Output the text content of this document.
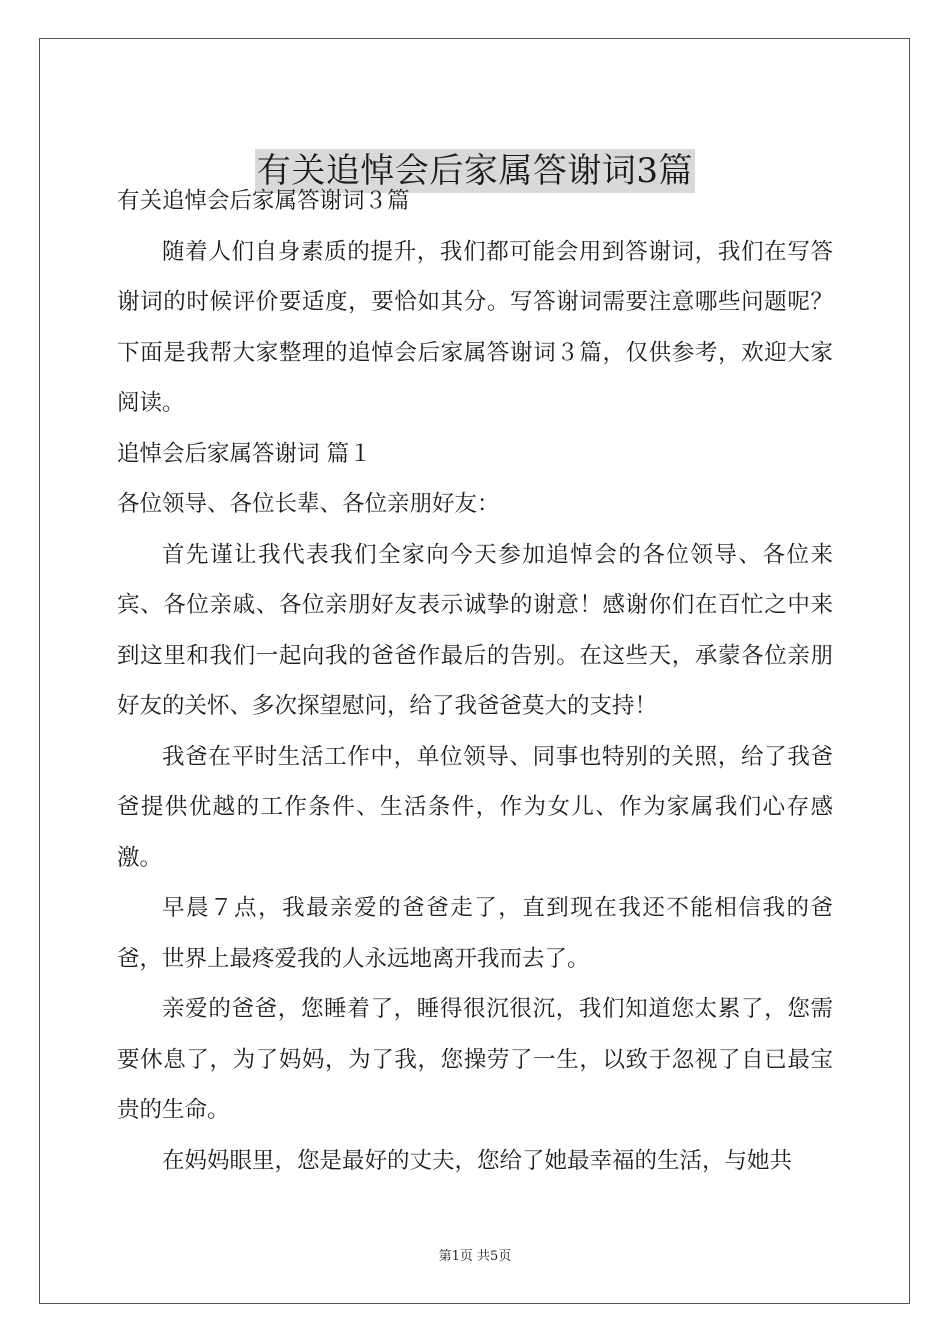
有关追悼会后家属答谢词3篇

有关追悼会后家属答谢词３篇

随着人们自身素质的提升，我们都可能会用到答谢词，我们在写答谢词的时候评价要适度，要恰如其分。写答谢词需要注意哪些问题呢？下面是我帮大家整理的追悼会后家属答谢词３篇，仅供参考，欢迎大家阅读。

追悼会后家属答谢词 篇１

各位领导、各位长辈、各位亲朋好友：

首先谨让我代表我们全家向今天参加追悼会的各位领导、各位来宾、各位亲戚、各位亲朋好友表示诚挚的谢意！感谢你们在百忙之中来到这里和我们一起向我的爸爸作最后的告别。在这些天，承蒙各位亲朋好友的关怀、多次探望慰问，给了我爸爸莫大的支持！

我爸在平时生活工作中，单位领导、同事也特别的关照，给了我爸爸提供优越的工作条件、生活条件，作为女儿、作为家属我们心存感激。

早晨７点，我最亲爱的爸爸走了，直到现在我还不能相信我的爸爸，世界上最疼爱我的人永远地离开我而去了。

亲爱的爸爸，您睡着了，睡得很沉很沉，我们知道您太累了，您需要休息了，为了妈妈，为了我，您操劳了一生，以致于忽视了自已最宝贵的生命。

在妈妈眼里，您是最好的丈夫，您给了她最幸福的生活，与她共

第1页 共5页
